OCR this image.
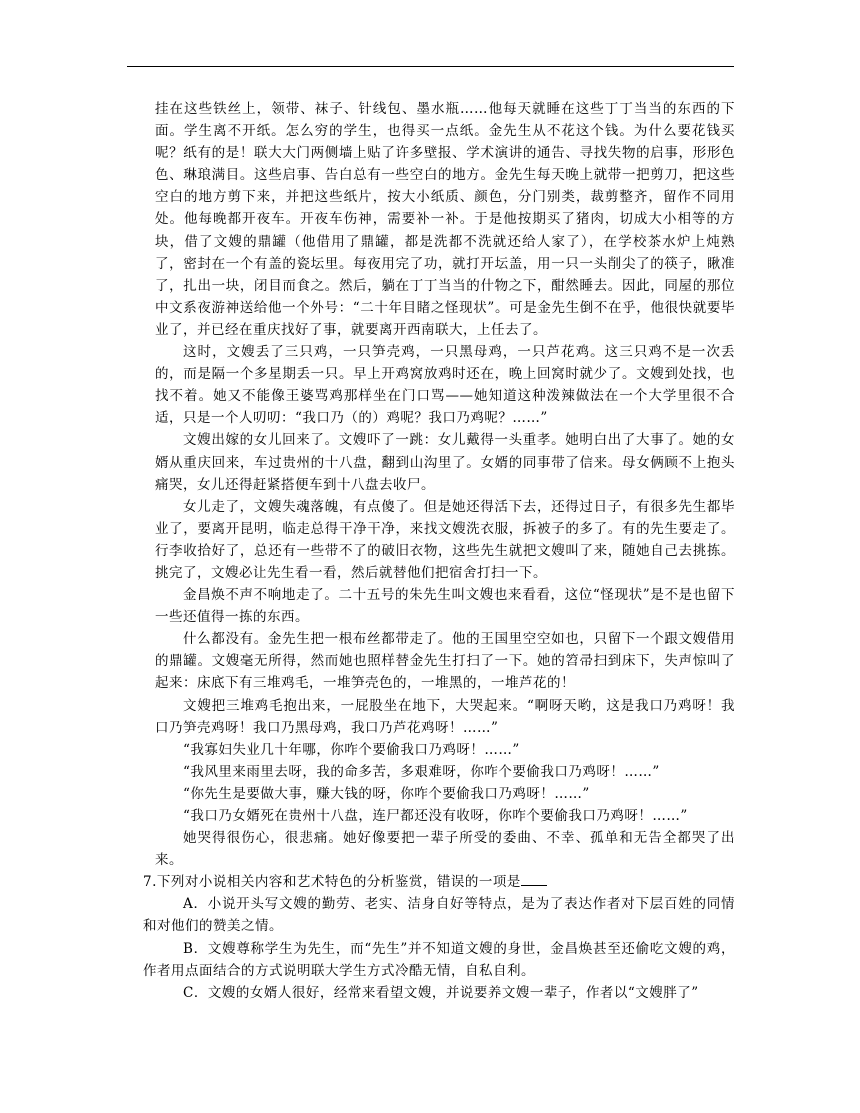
挂在这些铁丝上，领带、袜子、针线包、墨水瓶……他每天就睡在这些丁丁当当的东西的下面。学生离不开纸。怎么穷的学生，也得买一点纸。金先生从不花这个钱。为什么要花钱买呢？纸有的是！联大大门两侧墙上贴了许多壁报、学术演讲的通告、寻找失物的启事，形形色色、琳琅满目。这些启事、告白总有一些空白的地方。金先生每天晚上就带一把剪刀，把这些空白的地方剪下来，并把这些纸片，按大小纸质、颜色，分门别类，裁剪整齐，留作不同用处。他每晚都开夜车。开夜车伤神，需要补一补。于是他按期买了猪肉，切成大小相等的方块，借了文嫂的鼎罐（他借用了鼎罐，都是洗都不洗就还给人家了），在学校茶水炉上炖熟了，密封在一个有盖的瓷坛里。每夜用完了功，就打开坛盖，用一只一头削尖了的筷子，瞅准了，扎出一块，闭目而食之。然后，躺在丁丁当当的什物之下，酣然睡去。因此，同屋的那位中文系夜游神送给他一个外号：“二十年目睹之怪现状”。可是金先生倒不在乎，他很快就要毕业了，并已经在重庆找好了事，就要离开西南联大，上任去了。

这时，文嫂丢了三只鸡，一只笋壳鸡，一只黑母鸡，一只芦花鸡。这三只鸡不是一次丢的，而是隔一个多星期丢一只。早上开鸡窝放鸡时还在，晚上回窝时就少了。文嫂到处找，也找不着。她又不能像王婆骂鸡那样坐在门口骂——她知道这种泼辣做法在一个大学里很不合适，只是一个人叨叨：“我口乃（的）鸡呢？我口乃鸡呢？……”

文嫂出嫁的女儿回来了。文嫂吓了一跳：女儿戴得一头重孝。她明白出了大事了。她的女婿从重庆回来，车过贵州的十八盘，翻到山沟里了。女婿的同事带了信来。母女俩顾不上抱头痛哭，女儿还得赶紧搭便车到十八盘去收尸。

女儿走了，文嫂失魂落魄，有点傻了。但是她还得活下去，还得过日子，有很多先生都毕业了，要离开昆明，临走总得干净干净，来找文嫂洗衣服，拆被子的多了。有的先生要走了。行李收拾好了，总还有一些带不了的破旧衣物，这些先生就把文嫂叫了来，随她自己去挑拣。挑完了，文嫂必让先生看一看，然后就替他们把宿舍打扫一下。

金昌焕不声不响地走了。二十五号的朱先生叫文嫂也来看看，这位“怪现状”是不是也留下一些还值得一拣的东西。

什么都没有。金先生把一根布丝都带走了。他的王国里空空如也，只留下一个跟文嫂借用的鼎罐。文嫂毫无所得，然而她也照样替金先生打扫了一下。她的笤帚扫到床下，失声惊叫了起来：床底下有三堆鸡毛，一堆笋壳色的，一堆黑的，一堆芦花的！

文嫂把三堆鸡毛抱出来，一屁股坐在地下，大哭起来。“啊呀天哟，这是我口乃鸡呀！我口乃笋壳鸡呀！我口乃黑母鸡，我口乃芦花鸡呀！……”

“我寡妇失业几十年哪，你咋个要偷我口乃鸡呀！……”

“我风里来雨里去呀，我的命多苦，多艰难呀，你咋个要偷我口乃鸡呀！……”

“你先生是要做大事，赚大钱的呀，你咋个要偷我口乃鸡呀！……”

“我口乃女婿死在贵州十八盘，连尸都还没有收呀，你咋个要偷我口乃鸡呀！……”

她哭得很伤心，很悲痛。她好像要把一辈子所受的委曲、不幸、孤单和无告全都哭了出来。

7.下列对小说相关内容和艺术特色的分析鉴赏，错误的一项是

A．小说开头写文嫂的勤劳、老实、洁身自好等特点，是为了表达作者对下层百姓的同情和对他们的赞美之情。

B．文嫂尊称学生为先生，而“先生”并不知道文嫂的身世，金昌焕甚至还偷吃文嫂的鸡，作者用点面结合的方式说明联大学生方式冷酷无情，自私自利。

C．文嫂的女婿人很好，经常来看望文嫂，并说要养文嫂一辈子，作者以“文嫂胖了”
